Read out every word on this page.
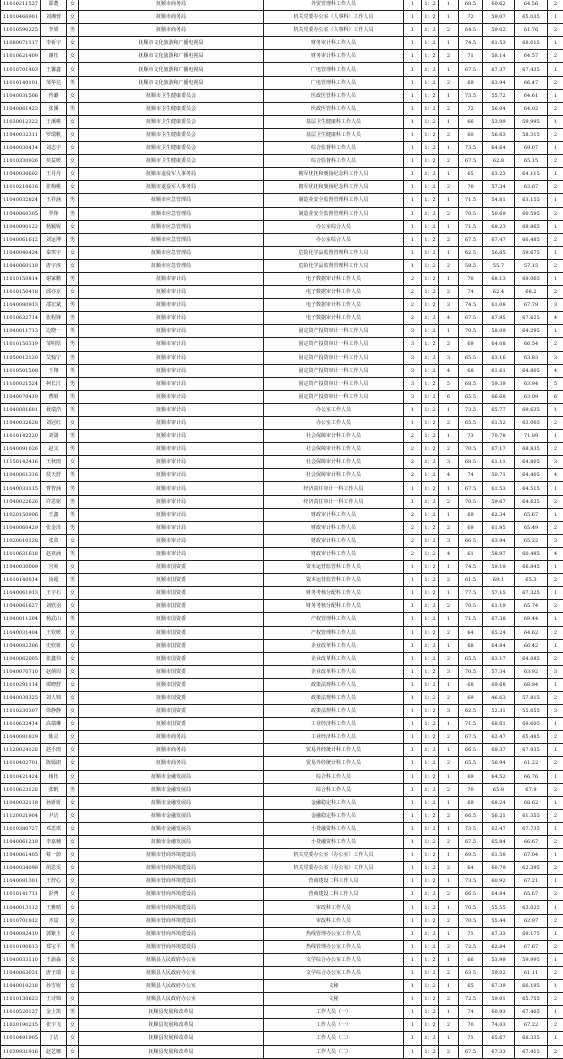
11010211527	邵董	女	抚顺市商务局	外贸管理科工作人员	1	1：2	1	68.5	60.62	64.56	2
11010466901	刘湘蓉	女	抚顺市商务局	机关党委办公室（人事科）工作人员	1	1：2	1	72	59.07	65.035	1
11010590225	李梁	男	抚顺市商务局	机关党委办公室（人事科）工作人员	1	1：2	2	64.5	59.02	61.76	2
11080071117	李祈宇	女	抚顺市文化旅游和广播电视局	财务审计科工作人员	1	1：2	1	74.5	61.53	68.015	1
11010621409	谢钰	女	抚顺市文化旅游和广播电视局	财务审计科工作人员	1	1：2	2	71	58.14	64.57	2
11010701403	王馨鑫	女	抚顺市文化旅游和广播电视局	广电管理科工作人员	1	1：2	1	67.5	67.37	67.435	1
11010140101	邹华达	男	抚顺市文化旅游和广播电视局	广电管理科工作人员	1	1：2	2	69	63.94	66.47	2
11040031506	佟璐	女	抚顺市卫生健康委员会	医政医管科工作人员	1	1：2	1	73.5	55.72	64.61	1
11040061423	张溪	男	抚顺市卫生健康委员会	医政医管科工作人员	1	1：2	2	72	56.04	64.02	2
11030012322	于溪桃	女	抚顺市卫生健康委员会	基层卫生健康科工作人员	1	1：2	1	66	53.99	59.995	1
11040032311	罗瑞帆	女	抚顺市卫生健康委员会	基层卫生健康科工作人员	1	1：2	2	60	56.63	58.315	2
11040030414	刘志宇	女	抚顺市卫生健康委员会	综合监督科工作人员	1	1：2	1	73.5	64.64	69.07	1
11010330926	侯益媛	女	抚顺市卫生健康委员会	综合监督科工作人员	1	1：2	2	67.5	62.8	65.15	2
11040030602	王丹丹	女	抚顺市退役军人事务局	拥军优抚和褒扬纪念科工作人员	1	1：2	1	65	63.23	64.115	1
11010210616	张梅桃	女	抚顺市退役军人事务局	拥军优抚和褒扬纪念科工作人员	1	1：2	2	70	57.34	63.67	2
11040032824	王祥涵	男	抚顺市应急管理局	制造业安全监督管理科工作人员	1	1：2	1	71.5	54.81	63.155	1
11040060305	罗铮	男	抚顺市应急管理局	制造业安全监督管理科工作人员	1	1：2	2	70.5	50.69	60.595	2
11040090122	杨颖妮	女	抚顺市应急管理局	办公室综合人员	1	1：2	1	71.5	68.23	69.865	1
11040061612	刘运博	男	抚顺市应急管理局	办公室综合人员	1	1：2	2	67.5	67.47	66.485	2
11040040424	秦琪宇	女	抚顺市应急管理局	危险化学品监督管理科工作人员	1	1：2	1	62.5	56.65	59.675	1
11040060119	唐宇淳	女	抚顺市应急管理局	危险化学品监督管理科工作人员	1	1：2	2	58.5	55.7	57.15	2
11010150814	谢家鹏	男	抚顺市审计局	电子数据审计科工作人员	2	1：2	1	70	68.13	69.065	1
11010150418	邱亦京	女	抚顺市审计局	电子数据审计科工作人员	2	1：2	2	74	62.4	68.2	2
11040080913	邵宏斌	男	抚顺市审计局	电子数据审计科工作人员	2	1：2	3	74.5	61.08	67.79	3
11010632714	张程锋	男	抚顺市审计局	电子数据审计科工作人员	2	1：2	4	67.5	67.85	67.625	4
11040011713	边晓一	男	抚顺市审计局	固定资产投资审计一科工作人员	3	1：2	1	70.5	58.09	64.295	1
11010150319	邹明厚	男	抚顺市审计局	固定资产投资审计一科工作人员	3	1：2	2	69	64.08	66.54	2
11050012120	艾翰宁	男	抚顺市审计局	固定资产投资审计一科工作人员	3	1：2	3	65.5	63.16	63.83	3
11010501508	王翔	男	抚顺市审计局	固定资产投资审计一科工作人员	3	1：2	4	68	61.61	64.805	4
11100021524	柯长江	男	抚顺市审计局	固定资产投资审计一科工作人员	3	1：2	5	68.5	59.39	63.94	5
11040070419	曹昭	男	抚顺市审计局	固定资产投资审计一科工作人员	3	1：2	6	65.5	66.68	63.09	6
11040081601	聂瑞浩	男	抚顺市审计局	办公室工作人员	1	1：2	1	73.5	65.77	69.635	1
11040032628	刘冠红	女	抚顺市审计局	办公室工作人员	1	1：2	2	65.5	61.52	63.065	2
11010142220	刘潇	男	抚顺市审计局	社会保障审计科工作人员	2	1：2	1	73	70.78	71.89	1
11040091026	赵又	男	抚顺市审计局	社会保障审计科工作人员	2	1：2	2	70.5	67.17	68.835	2
11150142416	王秋雨	女	抚顺市审计局	社会保障审计科工作人员	2	1：2	3	68.5	61.11	64.805	3
11040061316	侯天舒	男	抚顺市审计局	社会保障审计科工作人员	2	1：2	4	74	50.71	64.405	4
11040033115	曹智涵	男	抚顺市审计局	经济责任审计一科工作人员	1	1：2	1	67.5	61.53	64.515	1
11040022626	许思铭	男	抚顺市审计局	经济责任审计一科工作人员	1	1：2	2	70.5	59.67	64.635	2
11020150906	王鑫	男	抚顺市审计局	财政审计科工作人员	2	1：2	1	69	62.34	65.67	1
11040060429	张金泽	男	抚顺市审计局	财政审计科工作人员	2	1：2	2	69	61.95	65.49	2
11020010128	张苗	女	抚顺市审计局	财政审计科工作人员	2	1：2	3	66.5	63.94	65.22	3
11010631618	赵亚涵	男	抚顺市审计局	财政审计科工作人员	2	1：2	4	61	58.97	60.485	4
11040030009	宫爽	女	抚顺市国资委	资本运营监管科工作人员	1	1：2	1	74.5	59.19	66.845	1
11010140814	汤超	男	抚顺市国资委	资本运营监管科工作人员	1	1：2	2	61.5	69.1	65.3	2
11040061913	王宇石	女	抚顺市国资委	财务考核分配科工作人员	1	1：2	1	77.5	57.15	67.325	1
11040061627	刘欣羽	女	抚顺市国资委	财务考核分配科工作人员	1	1：2	2	70.5	61.19	65.74	2
11040011204	杨武山	男	抚顺市国资委	产权管理科工作人员	1	1：2	1	71.5	67.38	69.44	1
11040031404	王钦媛	女	抚顺市国资委	产权管理科工作人员	1	1：2	2	64	65.24	64.62	2
11040082306	史欣妍	女	抚顺市国资委	企业改革科工作人员	1	1：2	1	68	64.84	66.42	1
11040062005	张鑫伟	女	抚顺市国资委	企业改革科工作人员	1	1：2	2	65.5	63.17	64.085	2
11040070710	赵炳周	女	抚顺市国资委	企业改革科工作人员	1	1：2	3	70.5	57.34	63.92	3
11010291114	谭晓舒	女	抚顺市国资委	政策法规科工作人员	1	1：2	1	68	69.68	68.84	1
11040030325	刘人锦	女	抚顺市国资委	政策法规科工作人员	1	1：2	2	69	46.63	57.815	2
11010230307	徐静静	女	抚顺市国资委	政策法规科工作人员	1	1：2	3	62.5	52.31	55.655	3
11010632414	高瑞琳	女	抚顺市国资委	工业经济科工作人员	1	1：2	1	71.5	68.61	69.605	1
11040081829	陈灵	女	抚顺市商务局	工业经济科工作人员	1	1：2	2	67.5	62.47	65.485	2
11120024128	赵小雨	女	抚顺市商务局	贸易外经统计科工作人员	1	1：2	1	66.5	69.37	67.935	1
11010402701	陈嫣朗	女	抚顺市商务局	贸易外经统计科工作人员	1	1：2	2	65.5	56.94	61.22	2
11010421424	杨钰	女	抚顺市金融发展局	综合科工作人员	1	1：2	1	69	64.52	66.76	1
11010623128	张帆	男	抚顺市金融发展局	综合科工作人员	1	1：2	2	70	65.8	67.9	2
11040032118	孙妍妍	女	抚顺市金融发展局	金融稳定科工作人员	1	1：2	1	69	68.24	68.62	1
11120021904	尹洁	女	抚顺市金融发展局	金融稳定科工作人员	1	1：2	2	66.5	56.21	61.355	2
11010380727	邓思琪	女	抚顺市金融发展局	小贷融资科工作人员	1	1：2	1	73.5	62.47	67.735	1
11040061219	李嘉楠	女	抚顺市金融发展局	小贷融资科工作人员	1	1：2	2	67.5	65.84	66.67	2
11040061405	蔡一蔚	女	抚顺市营商环境建设局	机关党委办公室（办公室）工作人员	1	1：2	1	69.5	61.58	67.04	1
11040034098	胡思雯	女	抚顺市营商环境建设局	机关党委办公室（办公室）工作人员	1	1：2	2	64	60.79	62.395	2
11040081301	王舒心	女	抚顺市营商环境建设局	营商建设二科工作人员	1	1：2	1	73.5	60.92	67.21	1
11010141711	彭博	女	抚顺市营商环境建设局	营商建设二科工作人员	1	1：2	2	66.5	64.84	65.67	2
11040013112	王雅晴	女	抚顺市营商环境建设局	审改科工作人员	1	1：2	1	70.5	55.55	63.025	1
11010701812	齐喆	女	抚顺市营商环境建设局	审改科工作人员	1	1：2	2	70.5	55.44	62.97	2
11040082410	郭紫玉	女	抚顺市营商环境建设局	热线管理办公室工作人员	1	1：2	1	71	67.33	69.175	1
11010190613	郑宝平	男	抚顺市营商环境建设局	热线管理办公室工作人员	1	1：2	2	72.5	62.84	67.67	2
11040033110	王渝淼	女	抚顺县人民政府办公室	文学综合办公室工作人员	1	1：2	1	66	53.99	59.995	1
11040063031	唐子瑞	女	抚顺县人民政府办公室	文学综合办公室工作人员	1	1：2	2	63.5	59.02	61.11	2
11040010218	孙雪妮	女	抚顺县人民政府办公室	文秘	1	1：2	1	65	67.39	66.195	1
11010130623	王诗锦	女	抚顺县人民政府办公室	文秘	1	1：2	2	72.5	59.01	65.755	2
11010520127	金士凯	男	抚顺县发展和改革局	工作人员（一）	1	1：2	1	74	60.93	67.465	1
11020190215	张宇飞	女	抚顺县发展和改革局	工作人员（一）	1	1：2	2	70	74.03	67.22	2
11010491905	丁洁	女	抚顺县发展和改革局	工作人员（二）	1	1：2	1	71	65.67	68.335	1
11030931916	赵艺娜	女	抚顺县发展和改革局	工作人员（二）	1	1：2	2	67.5	67.33	67.415	2
